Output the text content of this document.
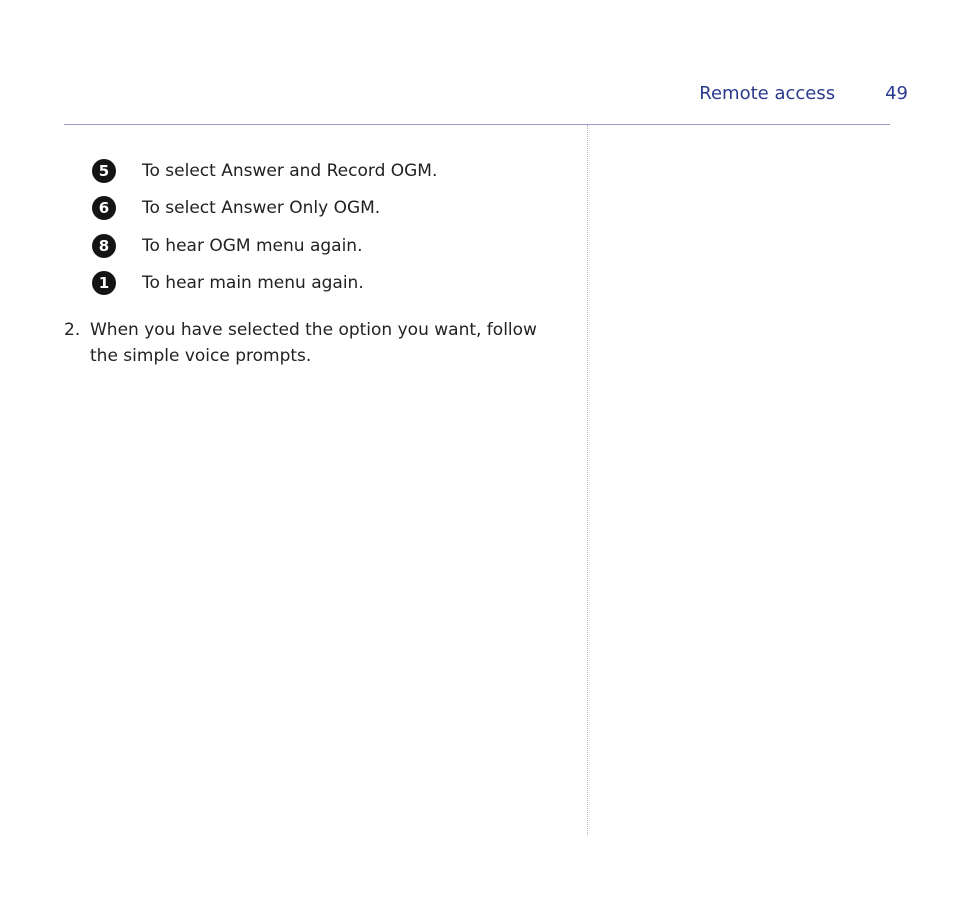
Remote access	49
5	To select Answer and Record OGM.
6	To select Answer Only OGM.
8	To hear OGM menu again.
1	To hear main menu again.
2. When you have selected the option you want, follow the simple voice prompts.
